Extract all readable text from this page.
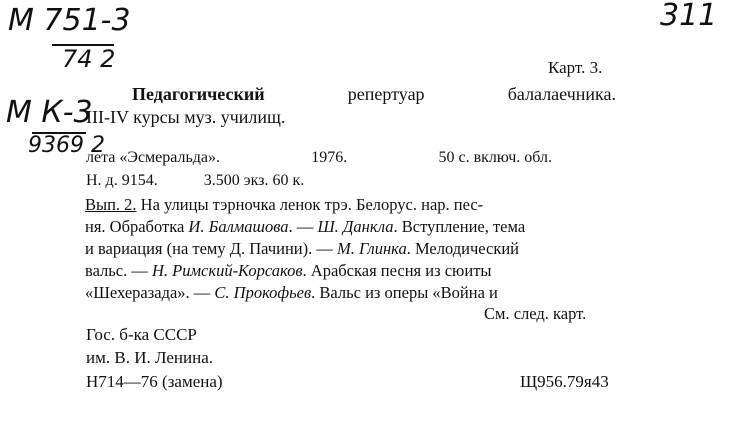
М 751-3
74 2
311
М К-3
9369 2
Карт. 3.
Педагогический	репертуар	балалаечника.
III-IV курсы муз. училищ.
лета «Эсмеральда».	1976.	50 с. включ. обл.
Н. д. 9154.	3.500 экз. 60 к.
Вып. 2. На улицы тэрночка ленок трэ. Белорус. нар. пес-
ня. Обработка И. Балмашова. — Ш. Данкла. Вступление, тема
и вариация (на тему Д. Пачини). — М. Глинка. Мелодический
вальс. — Н. Римский-Корсаков. Арабская песня из сюиты
«Шехеразада». — С. Прокофьев. Вальс из оперы «Война и
См. след. карт.
Гос. б-ка СССР
им. В. И. Ленина.
Н714—76 (замена)	Щ956.79я43
